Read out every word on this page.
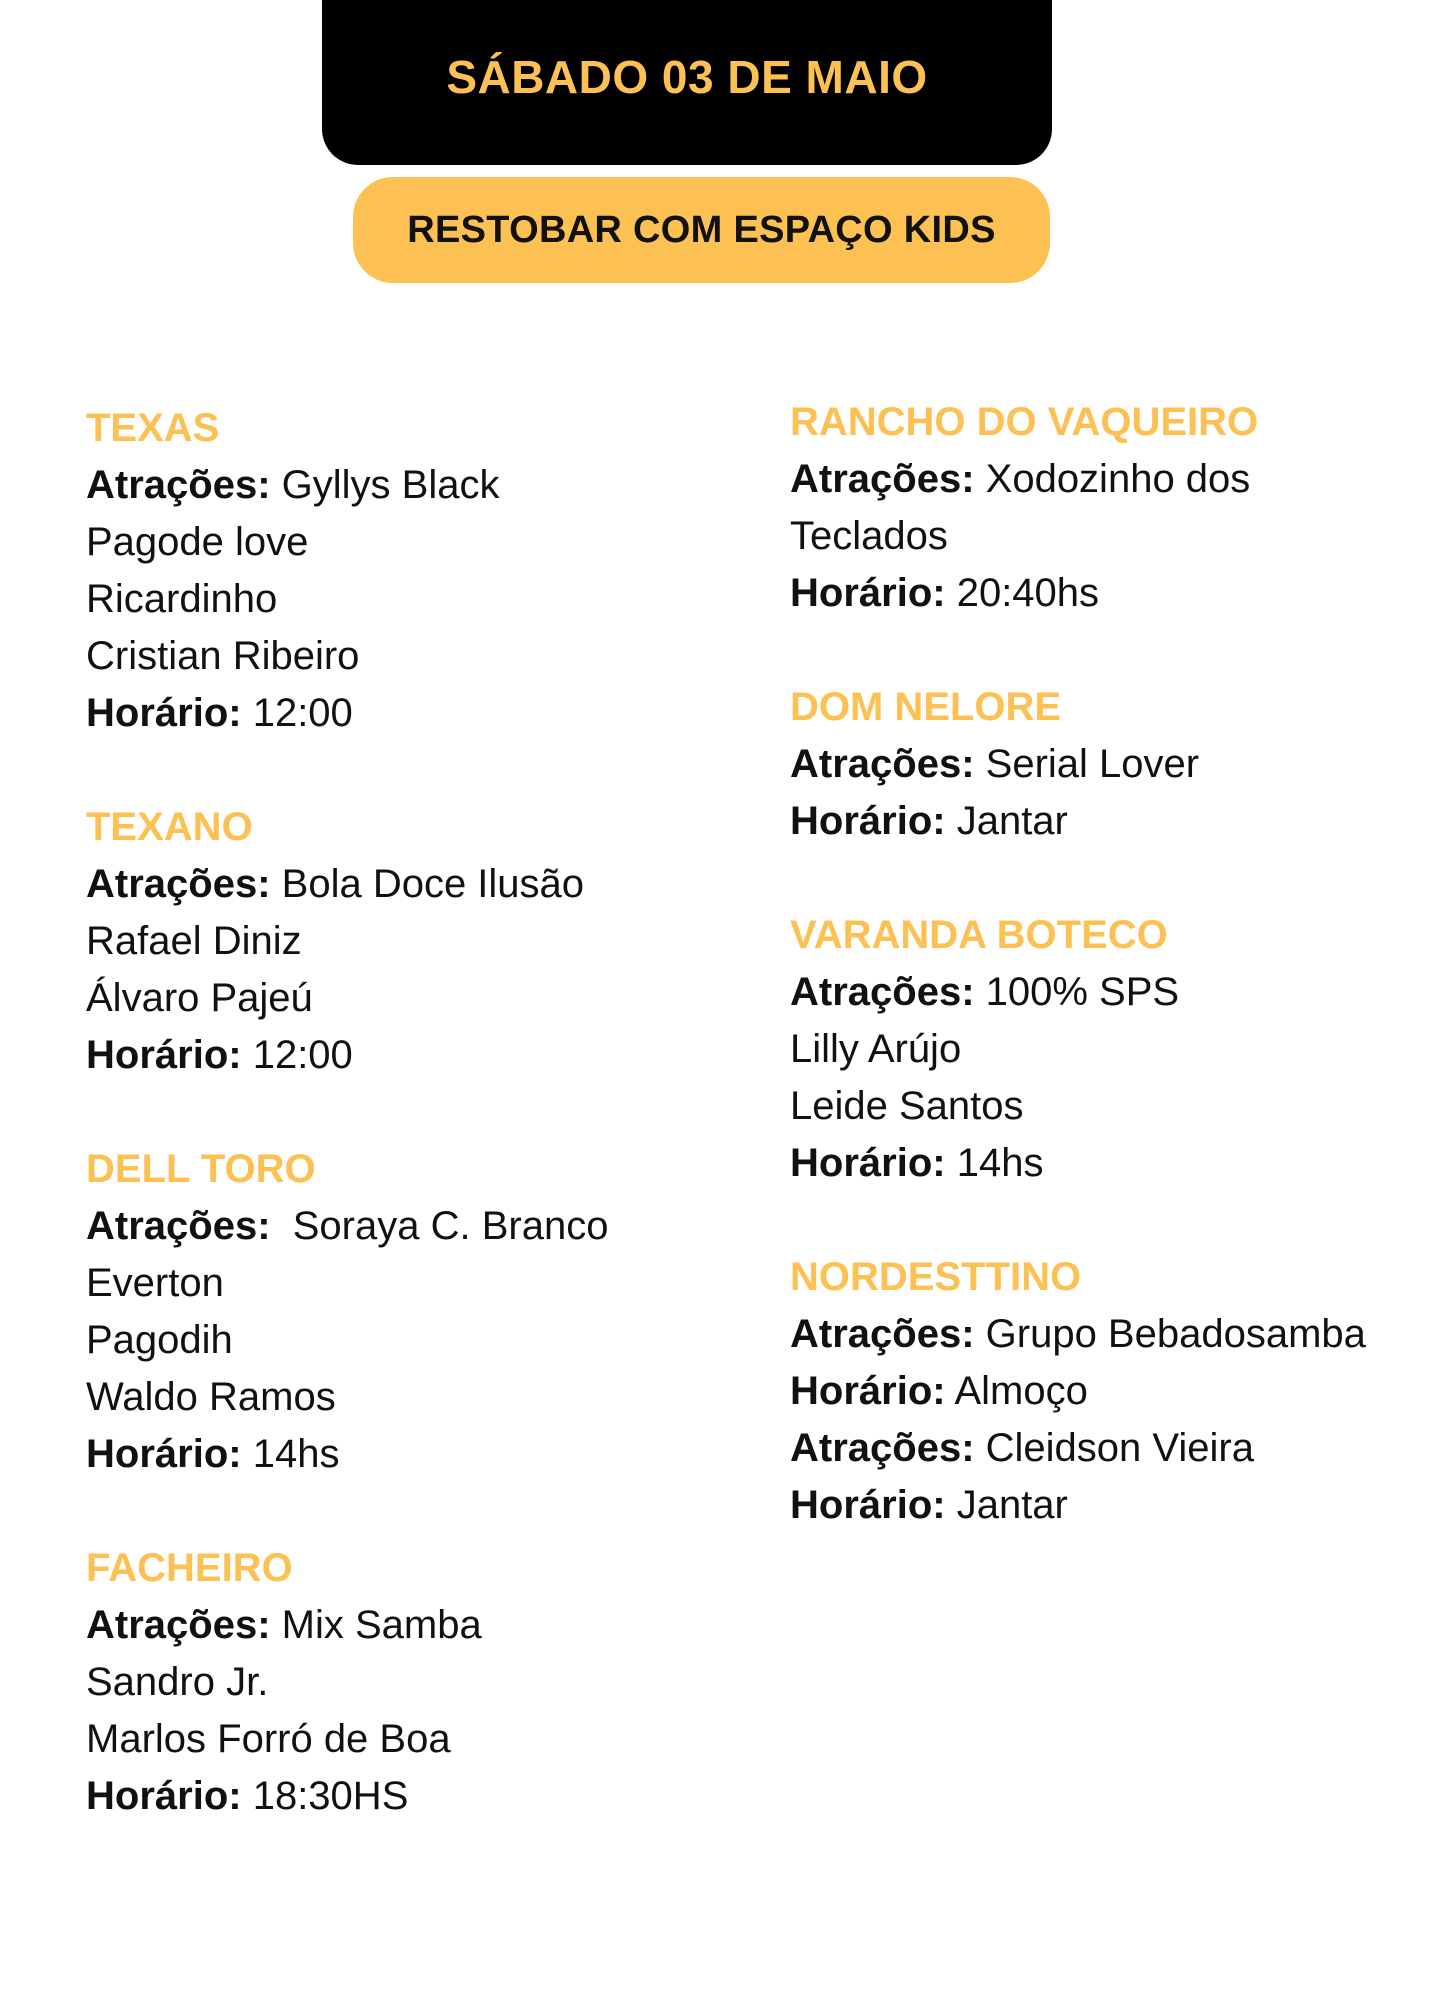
SÁBADO 03 DE MAIO
RESTOBAR COM ESPAÇO KIDS
TEXAS
Atrações: Gyllys Black
Pagode love
Ricardinho
Cristian Ribeiro
Horário: 12:00
TEXANO
Atrações: Bola Doce Ilusão
Rafael Diniz
Álvaro Pajeú
Horário: 12:00
DELL TORO
Atrações:  Soraya C. Branco
Everton
Pagodih
Waldo Ramos
Horário: 14hs
FACHEIRO
Atrações: Mix Samba
Sandro Jr.
Marlos Forró de Boa
Horário: 18:30HS
RANCHO DO VAQUEIRO
Atrações: Xodozinho dos
Teclados
Horário: 20:40hs
DOM NELORE
Atrações: Serial Lover
Horário: Jantar
VARANDA BOTECO
Atrações: 100% SPS
Lilly Arújo
Leide Santos
Horário: 14hs
NORDESTTINO
Atrações: Grupo Bebadosamba
Horário: Almoço
Atrações: Cleidson Vieira
Horário: Jantar
